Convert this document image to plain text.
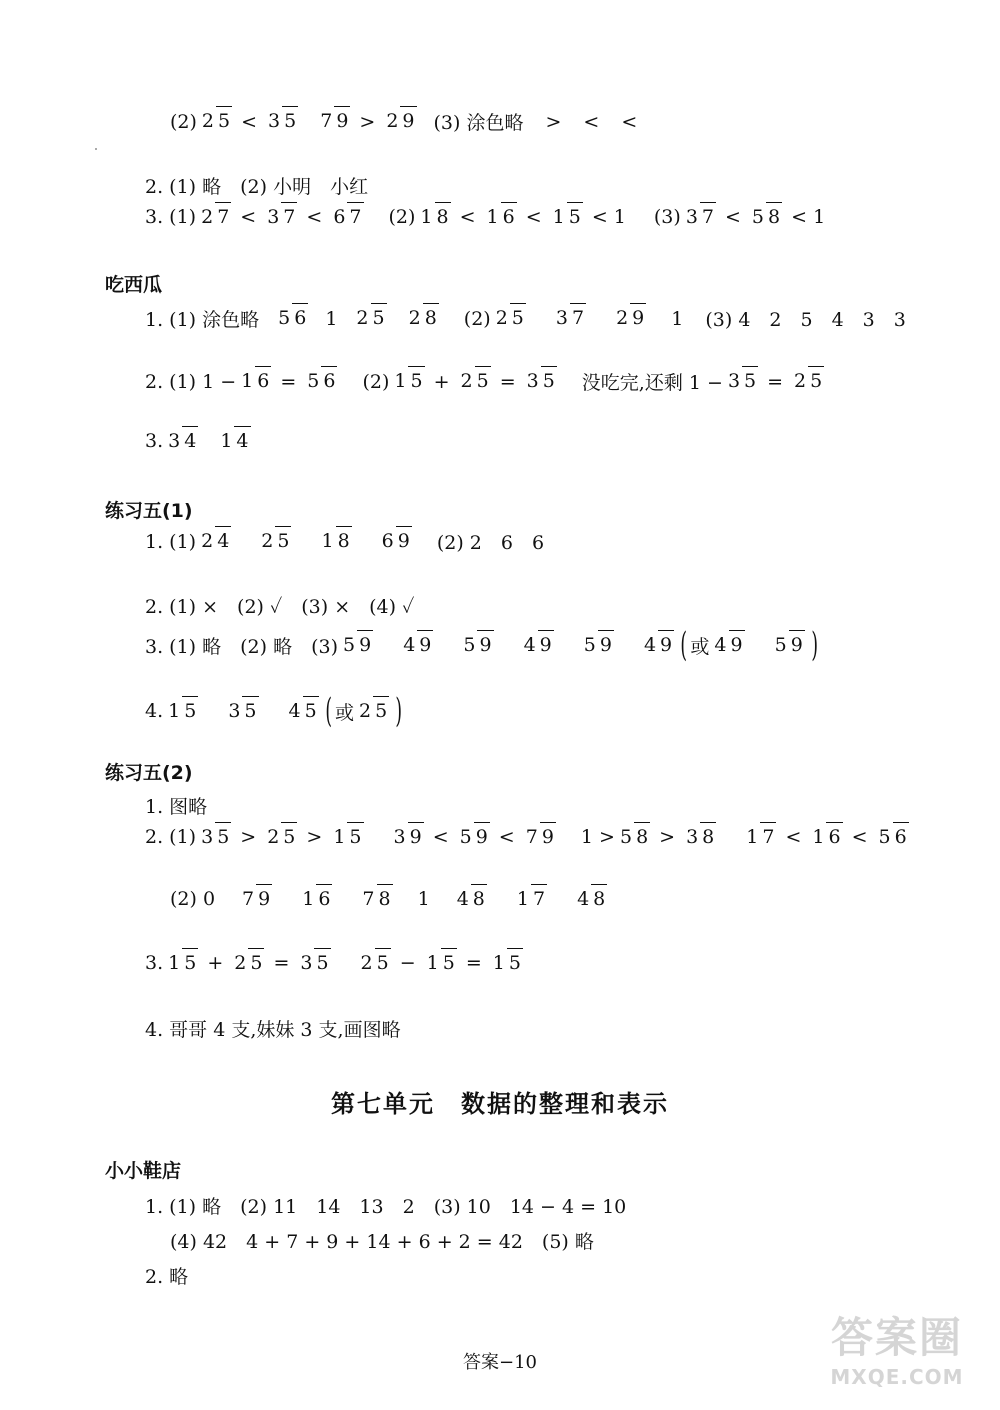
(2) 2 5 < 3 5 7 9 > 2 9 (3) 涂色略 > < <
2. (1) 略　(2) 小明　小红
3. (1) 2 7 < 3 7 < 6 7 (2) 1 8 < 1 6 < 1 5 < 1 (3) 3 7 < 5 8 < 1
吃西瓜
1. (1) 涂色略 5 6 1 2 5 2 8 (2) 2 5 3 7 2 9 1 (3) 4　2　5　4　3　3
2. (1) 1 − 1 6 = 5 6 (2) 1 5 + 2 5 = 3 5 没吃完,还剩 1 − 3 5 = 2 5
3. 3 4 1 4
练习五(1)
1. (1) 2 4 2 5 1 8 6 9 (2) 2　6　6
2. (1) ×　(2) ✓　(3) ×　(4) ✓
3. (1) 略　(2) 略　(3) 5 9 4 9 5 9 4 9 5 9 4 9 ( 或 4 9 5 9 )
4. 1 5 3 5 4 5 ( 或 2 5 )
练习五(2)
1. 图略
2. (1) 3 5 > 2 5 > 1 5 3 9 < 5 9 < 7 9 1 > 5 8 > 3 8 1 7 < 1 6 < 5 6
(2) 0 7 9 1 6 7 8 1 4 8 1 7 4 8
3. 1 5 + 2 5 = 3 5 2 5 − 1 5 = 1 5
4. 哥哥 4 支,妹妹 3 支,画图略
第七单元　数据的整理和表示
小小鞋店
1. (1) 略　(2) 11　14　13　2　(3) 10　14 − 4 = 10
(4) 42　4 + 7 + 9 + 14 + 6 + 2 = 42　(5) 略
2. 略
答案−10
答案圈
MXQE.COM
